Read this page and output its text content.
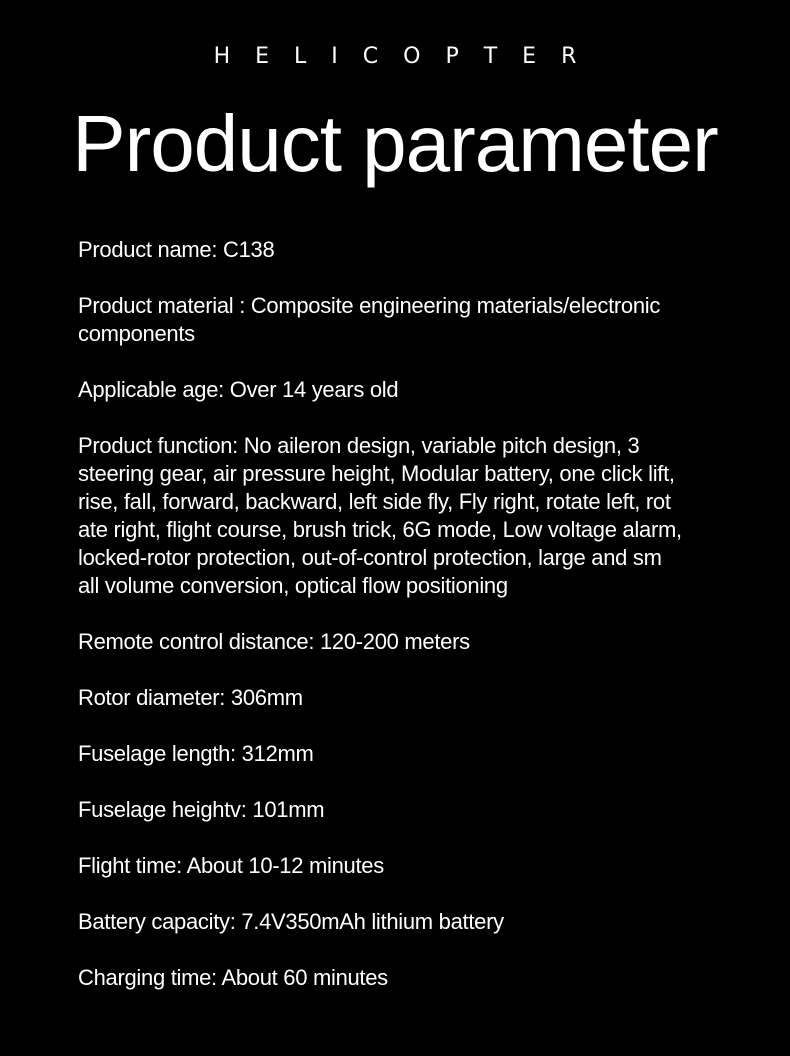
HELICOPTER
Product parameter
Product name: C138
Product material : Composite engineering materials/electronic
components
Applicable age: Over 14 years old
Product function: No aileron design, variable pitch design, 3
steering gear, air pressure height, Modular battery, one click lift,
rise, fall, forward, backward, left side fly, Fly right, rotate left, rot
ate right, flight course, brush trick, 6G mode, Low voltage alarm,
locked-rotor protection, out-of-control protection, large and sm
all volume conversion, optical flow positioning
Remote control distance: 120-200 meters
Rotor diameter: 306mm
Fuselage length: 312mm
Fuselage heightv: 101mm
Flight time: About 10-12 minutes
Battery capacity: 7.4V350mAh lithium battery
Charging time: About 60 minutes
